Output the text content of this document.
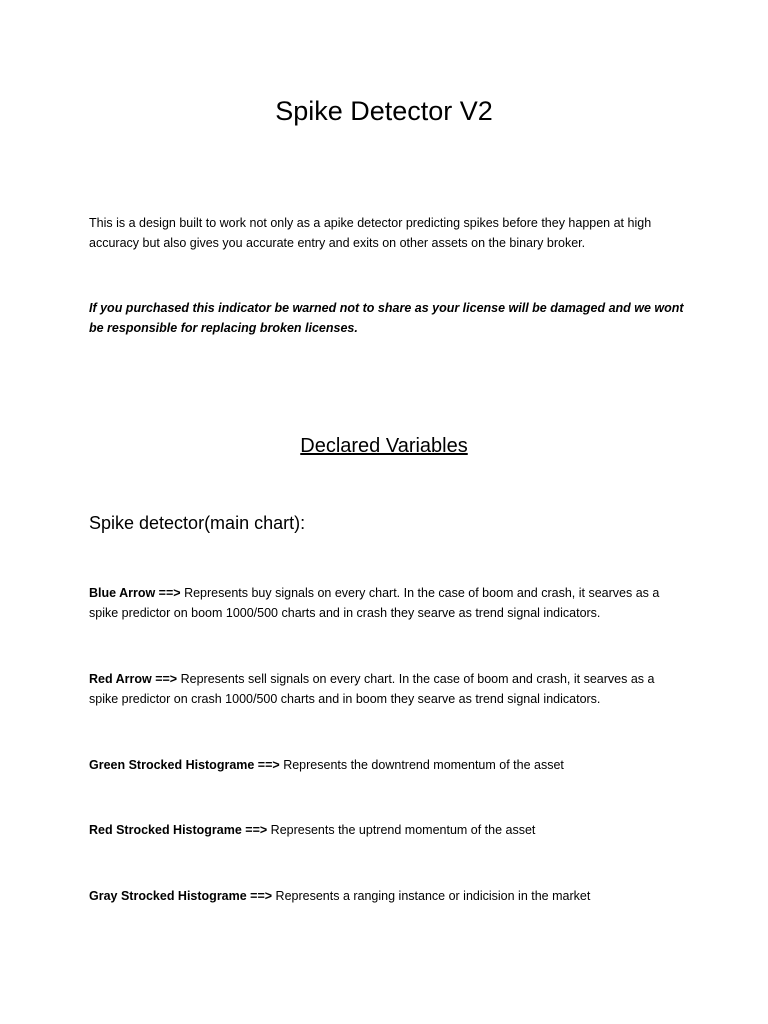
Spike Detector V2

This is a design built to work not only as a apike detector predicting spikes before they happen at high accuracy but also gives you accurate entry and exits on other assets on the binary broker.

If you purchased this indicator be warned not to share as your license will be damaged and we wont be responsible for replacing broken licenses.

Declared Variables
Spike detector(main chart):

Blue Arrow ==> Represents buy signals on every chart. In the case of boom and crash, it searves as a spike predictor on boom 1000/500 charts and in crash they searve as trend signal indicators.

Red Arrow ==> Represents sell signals on every chart. In the case of boom and crash, it searves as a spike predictor on crash 1000/500 charts and in boom they searve as trend signal indicators.

Green Strocked Histograme ==> Represents the downtrend momentum of the asset

Red Strocked Histograme ==> Represents the uptrend momentum of the asset

Gray Strocked Histograme ==> Represents a ranging instance or indicision in the market
